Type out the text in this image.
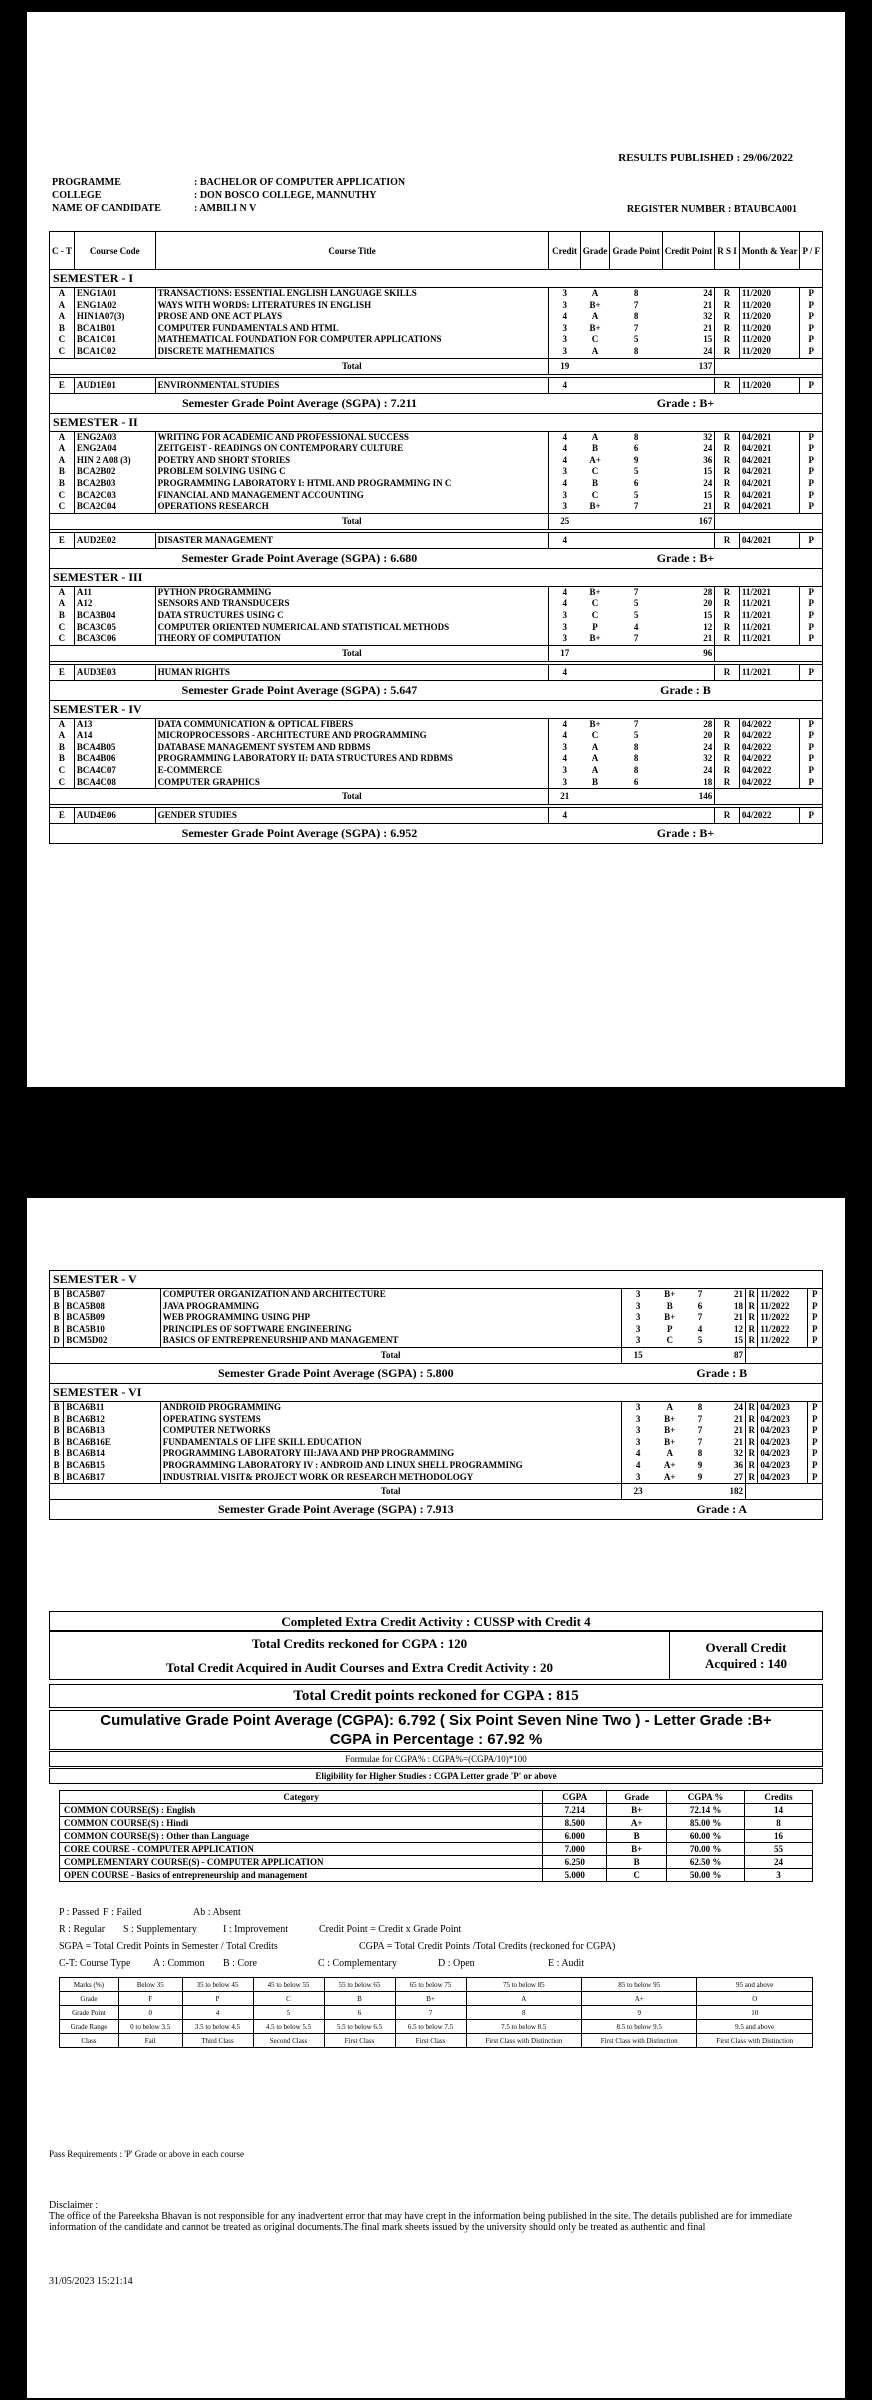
RESULTS PUBLISHED : 29/06/2022
PROGRAMME	: BACHELOR OF COMPUTER APPLICATION
COLLEGE	: DON BOSCO COLLEGE, MANNUTHY
NAME OF CANDIDATE	: AMBILI N V	REGISTER NUMBER : BTAUBCA001
C - T	Course Code	Course Title	Credit	Grade	Grade Point	Credit Point	R S I	Month & Year	P / F
SEMESTER - I									
A	ENG1A01	TRANSACTIONS: ESSENTIAL ENGLISH LANGUAGE SKILLS	3	A	8	24	R	11/2020	P
A	ENG1A02	WAYS WITH WORDS: LITERATURES IN ENGLISH	3	B+	7	21	R	11/2020	P
A	HIN1A07(3)	PROSE AND ONE ACT PLAYS	4	A	8	32	R	11/2020	P
B	BCA1B01	COMPUTER FUNDAMENTALS AND HTML	3	B+	7	21	R	11/2020	P
C	BCA1C01	MATHEMATICAL FOUNDATION FOR COMPUTER APPLICATIONS	3	C	5	15	R	11/2020	P
C	BCA1C02	DISCRETE MATHEMATICS	3	A	8	24	R	11/2020	P
		Total	19			137			

E	AUD1E01	ENVIRONMENTAL STUDIES	4				R	11/2020	P
Semester Grade Point Average (SGPA) : 7.211			Grade : B+						
SEMESTER - II									
A	ENG2A03	WRITING FOR ACADEMIC AND PROFESSIONAL SUCCESS	4	A	8	32	R	04/2021	P
A	ENG2A04	ZEITGEIST - READINGS ON CONTEMPORARY CULTURE	4	B	6	24	R	04/2021	P
A	HIN 2 A08 (3)	POETRY AND SHORT STORIES	4	A+	9	36	R	04/2021	P
B	BCA2B02	PROBLEM SOLVING USING C	3	C	5	15	R	04/2021	P
B	BCA2B03	PROGRAMMING LABORATORY I: HTML AND PROGRAMMING IN C	4	B	6	24	R	04/2021	P
C	BCA2C03	FINANCIAL AND MANAGEMENT ACCOUNTING	3	C	5	15	R	04/2021	P
C	BCA2C04	OPERATIONS RESEARCH	3	B+	7	21	R	04/2021	P
		Total	25			167			

E	AUD2E02	DISASTER MANAGEMENT	4				R	04/2021	P
Semester Grade Point Average (SGPA) : 6.680			Grade : B+						
SEMESTER - III									
A	A11	PYTHON PROGRAMMING	4	B+	7	28	R	11/2021	P
A	A12	SENSORS AND TRANSDUCERS	4	C	5	20	R	11/2021	P
B	BCA3B04	DATA STRUCTURES USING C	3	C	5	15	R	11/2021	P
C	BCA3C05	COMPUTER ORIENTED NUMERICAL AND STATISTICAL METHODS	3	P	4	12	R	11/2021	P
C	BCA3C06	THEORY OF COMPUTATION	3	B+	7	21	R	11/2021	P
		Total	17			96			

E	AUD3E03	HUMAN RIGHTS	4				R	11/2021	P
Semester Grade Point Average (SGPA) : 5.647			Grade : B						
SEMESTER - IV									
A	A13	DATA COMMUNICATION & OPTICAL FIBERS	4	B+	7	28	R	04/2022	P
A	A14	MICROPROCESSORS - ARCHITECTURE AND PROGRAMMING	4	C	5	20	R	04/2022	P
B	BCA4B05	DATABASE MANAGEMENT SYSTEM AND RDBMS	3	A	8	24	R	04/2022	P
B	BCA4B06	PROGRAMMING LABORATORY II: DATA STRUCTURES AND RDBMS	4	A	8	32	R	04/2022	P
C	BCA4C07	E-COMMERCE	3	A	8	24	R	04/2022	P
C	BCA4C08	COMPUTER GRAPHICS	3	B	6	18	R	04/2022	P
		Total	21			146			

E	AUD4E06	GENDER STUDIES	4				R	04/2022	P
Semester Grade Point Average (SGPA) : 6.952			Grade : B+						
SEMESTER - V									
B	BCA5B07	COMPUTER ORGANIZATION AND ARCHITECTURE	3	B+	7	21	R	11/2022	P
B	BCA5B08	JAVA PROGRAMMING	3	B	6	18	R	11/2022	P
B	BCA5B09	WEB PROGRAMMING USING PHP	3	B+	7	21	R	11/2022	P
B	BCA5B10	PRINCIPLES OF SOFTWARE ENGINEERING	3	P	4	12	R	11/2022	P
D	BCM5D02	BASICS OF ENTREPRENEURSHIP AND MANAGEMENT	3	C	5	15	R	11/2022	P
		Total	15			87			
Semester Grade Point Average (SGPA) : 5.800			Grade : B						
SEMESTER - VI									
B	BCA6B11	ANDROID PROGRAMMING	3	A	8	24	R	04/2023	P
B	BCA6B12	OPERATING SYSTEMS	3	B+	7	21	R	04/2023	P
B	BCA6B13	COMPUTER NETWORKS	3	B+	7	21	R	04/2023	P
B	BCA6B16E	FUNDAMENTALS OF LIFE SKILL EDUCATION	3	B+	7	21	R	04/2023	P
B	BCA6B14	PROGRAMMING LABORATORY III:JAVA AND PHP PROGRAMMING	4	A	8	32	R	04/2023	P
B	BCA6B15	PROGRAMMING LABORATORY IV : ANDROID AND LINUX SHELL PROGRAMMING	4	A+	9	36	R	04/2023	P
B	BCA6B17	INDUSTRIAL VISIT& PROJECT WORK OR RESEARCH METHODOLOGY	3	A+	9	27	R	04/2023	P
		Total	23			182			
Semester Grade Point Average (SGPA) : 7.913			Grade : A						
Completed Extra Credit Activity : CUSSP with Credit 4
Total Credits reckoned for CGPA : 120
Total Credit Acquired in Audit Courses and Extra Credit Activity : 20
Overall Credit Acquired : 140
Total Credit points reckoned for CGPA : 815
Cumulative Grade Point Average (CGPA): 6.792 ( Six Point Seven Nine Two ) - Letter Grade :B+
CGPA in Percentage : 67.92 %
Formulae for CGPA% : CGPA%=(CGPA/10)*100
Eligibility for Higher Studies : CGPA Letter grade 'P' or above
Category	CGPA	Grade	CGPA %	Credits
COMMON COURSE(S) : English	7.214	B+	72.14 %	14
COMMON COURSE(S) : Hindi	8.500	A+	85.00 %	8
COMMON COURSE(S) : Other than Language	6.000	B	60.00 %	16
CORE COURSE - COMPUTER APPLICATION	7.000	B+	70.00 %	55
COMPLEMENTARY COURSE(S) - COMPUTER APPLICATION	6.250	B	62.50 %	24
OPEN COURSE - Basics of entrepreneurship and management	5.000	C	50.00 %	3
P : Passed F : Failed	Ab : Absent
R : Regular S : Supplementary	I : Improvement	Credit Point = Credit x Grade Point
SGPA = Total Credit Points in Semester / Total Credits	CGPA = Total Credit Points /Total Credits (reckoned for CGPA)
C-T: Course Type A : Common B : Core	C : Complementary	D : Open	E : Audit
Marks (%)	Below 35	35 to below 45	45 to below 55	55 to below 65	65 to below 75	75 to below 85	85 to below 95	95 and above
Grade	F	P	C	B	B+	A	A+	O
Grade Point	0	4	5	6	7	8	9	10
Grade Range	0 to below 3.5	3.5 to below 4.5	4.5 to below 5.5	5.5 to below 6.5	6.5 to below 7.5	7.5 to below 8.5	8.5 to below 9.5	9.5 and above
Class	Fail	Third Class	Second Class	First Class	First Class	First Class with Distinction	First Class with Distinction	First Class with Distinction
Pass Requirements : 'P' Grade or above in each course
Disclaimer :
The office of the Pareeksha Bhavan is not responsible for any inadvertent error that may have crept in the information being published in the site. The details published are for immediate information of the candidate and cannot be treated as original documents.The final mark sheets issued by the university should only be treated as authentic and final
31/05/2023 15:21:14
